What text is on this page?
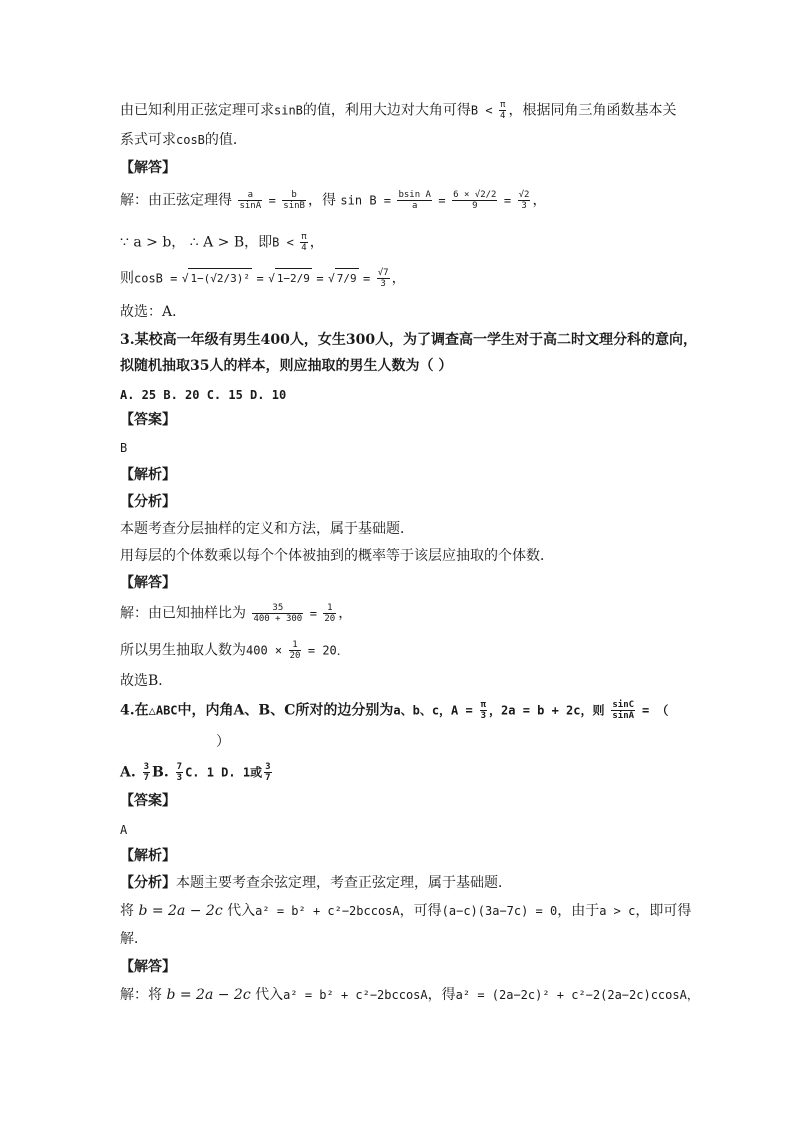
由已知利用正弦定理可求sinB的值，利用大边对大角可得$B < \frac{\pi}{4}$ ，根据同角三角函数基本关
系式可求cosB的值．
【解答】
解：由正弦定理得 $\frac{a}{\sin A} = \frac{b}{\sin B}$ ，得 $\sin B = \frac{\text{bsin A}}{a} = \frac{6 \times √2/2}{9} = \frac{√2}{3}$ ，
∵ a > b， ∴ A > B，即$B < \frac{\pi}{4}$ ，
则cosB = √ 1−(√2/3)² = √ 1−2/9 = √ $7/9 = \frac{√7}{3}$ ，
故选：A．
3.某校高一年级有男生400人，女生300人，为了调查高一学生对于高二时文理分科的意向，
拟随机抽取35人的样本，则应抽取的男生人数为（ ）
A. 25 B. 20 C. 15 D. 10
【答案】
B
【解析】
【分析】
本题考查分层抽样的定义和方法，属于基础题．
用每层的个体数乘以每个个体被抽到的概率等于该层应抽取的个体数．
【解答】
解：由已知抽样比为 $\frac{35}{400 + 300} = \frac{1}{20}$ ，
所以男生抽取人数为$400 \times \frac{1}{20} = 20$．
故选B．
4.在△ABC中，内角A、B、C所对的边分别为a、b、c，$A = \frac{\pi}{3}$ ，2a = b + 2c，则 $\frac{\sin C}{\sin A}$ = （
）
A. $\frac{3}{7} B$. $\frac{7}{3} C$. 1 D. 1或 $\frac{3}{7}$
【答案】
A
【解析】
【分析】本题主要考查余弦定理，考查正弦定理，属于基础题．
将 b = 2a − 2c 代入a² = b² + c²−2bccosA，可得(a−c)(3a−7c) = 0，由于a > c，即可得
解．
【解答】
解：将 b = 2a − 2c 代入a² = b² + c²−2bccosA，得a² = (2a−2c)² + c²−2(2a−2c)ccosA，
